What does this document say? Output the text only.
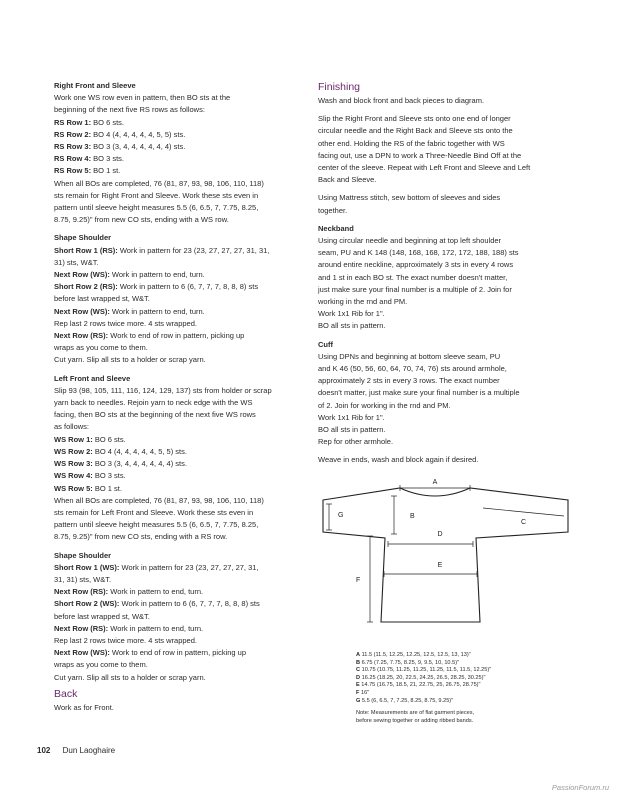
Right Front and Sleeve
Work one WS row even in pattern, then BO sts at the
beginning of the next five RS rows as follows:
RS Row 1: BO 6 sts.
RS Row 2: BO 4 (4, 4, 4, 4, 4, 5, 5) sts.
RS Row 3: BO 3 (3, 4, 4, 4, 4, 4, 4) sts.
RS Row 4: BO 3 sts.
RS Row 5: BO 1 st.
When all BOs are completed, 76 (81, 87, 93, 98, 106, 110, 118)
sts remain for Right Front and Sleeve. Work these sts even in
pattern until sleeve height measures 5.5 (6, 6.5, 7, 7.75, 8.25,
8.75, 9.25)" from new CO sts, ending with a WS row.
Shape Shoulder
Short Row 1 (RS): Work in pattern for 23 (23, 27, 27, 27, 31, 31,
31) sts, W&T.
Next Row (WS): Work in pattern to end, turn.
Short Row 2 (RS): Work in pattern to 6 (6, 7, 7, 7, 8, 8, 8) sts
before last wrapped st, W&T.
Next Row (WS): Work in pattern to end, turn.
Rep last 2 rows twice more. 4 sts wrapped.
Next Row (RS): Work to end of row in pattern, picking up
wraps as you come to them.
Cut yarn. Slip all sts to a holder or scrap yarn.
Left Front and Sleeve
Slip 93 (98, 105, 111, 116, 124, 129, 137) sts from holder or scrap
yarn back to needles. Rejoin yarn to neck edge with the WS
facing, then BO sts at the beginning of the next five WS rows
as follows:
WS Row 1: BO 6 sts.
WS Row 2: BO 4 (4, 4, 4, 4, 4, 5, 5) sts.
WS Row 3: BO 3 (3, 4, 4, 4, 4, 4, 4) sts.
WS Row 4: BO 3 sts.
WS Row 5: BO 1 st.
When all BOs are completed, 76 (81, 87, 93, 98, 106, 110, 118)
sts remain for Left Front and Sleeve. Work these sts even in
pattern until sleeve height measures 5.5 (6, 6.5, 7, 7.75, 8.25,
8.75, 9.25)" from new CO sts, ending with a RS row.
Shape Shoulder
Short Row 1 (WS): Work in pattern for 23 (23, 27, 27, 27, 31,
31, 31) sts, W&T.
Next Row (RS): Work in pattern to end, turn.
Short Row 2 (WS): Work in pattern to 6 (6, 7, 7, 7, 8, 8, 8) sts
before last wrapped st, W&T.
Next Row (RS): Work in pattern to end, turn.
Rep last 2 rows twice more. 4 sts wrapped.
Next Row (WS): Work to end of row in pattern, picking up
wraps as you come to them.
Cut yarn. Slip all sts to a holder or scrap yarn.
Back
Work as for Front.
Finishing
Wash and block front and back pieces to diagram.
Slip the Right Front and Sleeve sts onto one end of longer
circular needle and the Right Back and Sleeve sts onto the
other end. Holding the RS of the fabric together with WS
facing out, use a DPN to work a Three-Needle Bind Off at the
center of the sleeve. Repeat with Left Front and Sleeve and Left
Back and Sleeve.
Using Mattress stitch, sew bottom of sleeves and sides
together.
Neckband
Using circular needle and beginning at top left shoulder
seam, PU and K 148 (148, 168, 168, 172, 172, 188, 188) sts
around entire neckline, approximately 3 sts in every 4 rows
and 1 st in each BO st. The exact number doesn't matter,
just make sure your final number is a multiple of 2. Join for
working in the rnd and PM.
Work 1x1 Rib for 1".
BO all sts in pattern.
Cuff
Using DPNs and beginning at bottom sleeve seam, PU
and K 46 (50, 56, 60, 64, 70, 74, 76) sts around armhole,
approximately 2 sts in every 3 rows. The exact number
doesn't matter, just make sure your final number is a multiple
of 2. Join for working in the rnd and PM.
Work 1x1 Rib for 1".
BO all sts in pattern.
Rep for other armhole.
Weave in ends, wash and block again if desired.
A
G	B
C
D
E
F
A 11.5 (11.5, 12.25, 12.25, 12.5, 12.5, 13, 13)"
B 6.75 (7.25, 7.75, 8.25, 9, 9.5, 10, 10.5)"
C 10.75 (10.75, 11.25, 11.25, 11.25, 11.5, 11.5, 12.25)"
D 16.25 (18.25, 20, 22.5, 24.25, 26.5, 28.25, 30.25)"
E 14.75 (16.75, 18.5, 21, 22.75, 25, 26.75, 28.75)"
F 16"
G 5.5 (6, 6.5, 7, 7.25, 8.25, 8.75, 9.25)"
Note: Measurements are of flat garment pieces,
before sewing together or adding ribbed bands.
102 Dun Laoghaire
PassionForum.ru
